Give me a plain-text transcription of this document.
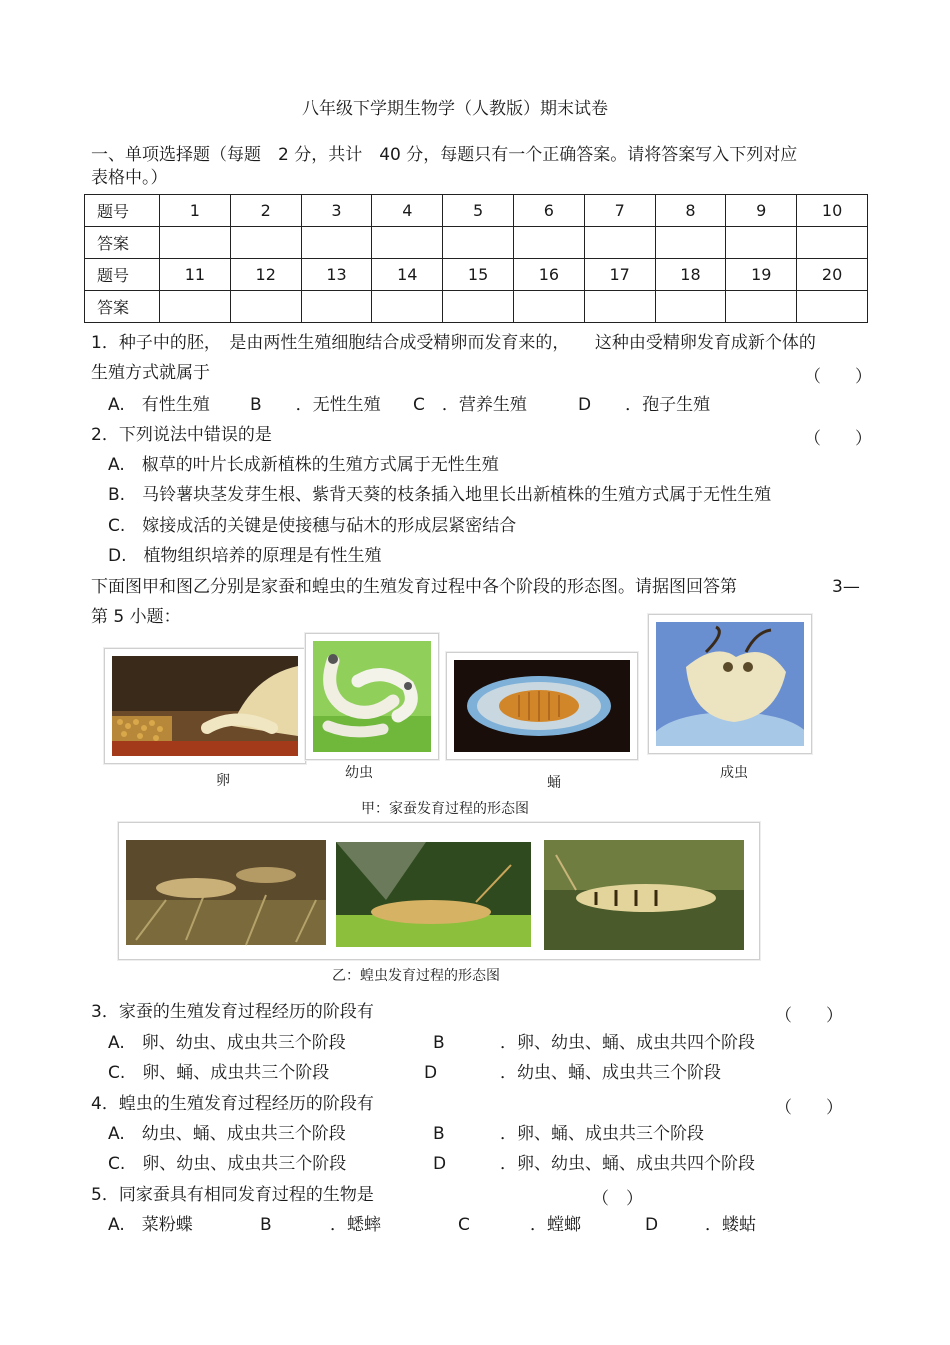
八年级下学期生物学（人教版）期末试卷
一、单项选择题（每题　2 分，共计　40 分，每题只有一个正确答案。请将答案写入下列对应
表格中。）
题号	1	2	3	4	5	6	7	8	9	10
答案										
题号	11	12	13	14	15	16	17	18	19	20
答案										
1．种子中的胚，　是由两性生殖细胞结合成受精卵而发育来的，　　这种由受精卵发育成新个体的
生殖方式就属于	（　　）
A.　有性生殖 B　　．无性生殖 C　．营养生殖	D　　．孢子生殖
2．下列说法中错误的是	（　　）
A.　椒草的叶片长成新植株的生殖方式属于无性生殖
B.　马铃薯块茎发芽生根、紫背天葵的枝条插入地里长出新植株的生殖方式属于无性生殖
C.　嫁接成活的关键是使接穗与砧木的形成层紧密结合
D.　植物组织培养的原理是有性生殖
下面图甲和图乙分别是家蚕和蝗虫的生殖发育过程中各个阶段的形态图。请据图回答第	3—
第 5 小题：
卵	幼虫
蛹
成虫
甲：家蚕发育过程的形态图
乙：蝗虫发育过程的形态图
3．家蚕的生殖发育过程经历的阶段有	（　　）
A.　卵、幼虫、成虫共三个阶段	B	．卵、幼虫、蛹、成虫共四个阶段
C.　卵、蛹、成虫共三个阶段	D	．幼虫、蛹、成虫共三个阶段
4．蝗虫的生殖发育过程经历的阶段有	（　　）
A.　幼虫、蛹、成虫共三个阶段	B	．卵、蛹、成虫共三个阶段
C.　卵、幼虫、成虫共三个阶段	D	．卵、幼虫、蛹、成虫共四个阶段
5．同家蚕具有相同发育过程的生物是	（　）
A.　菜粉蝶	B	．蟋蟀	C	．螳螂	D	．蝼蛄
